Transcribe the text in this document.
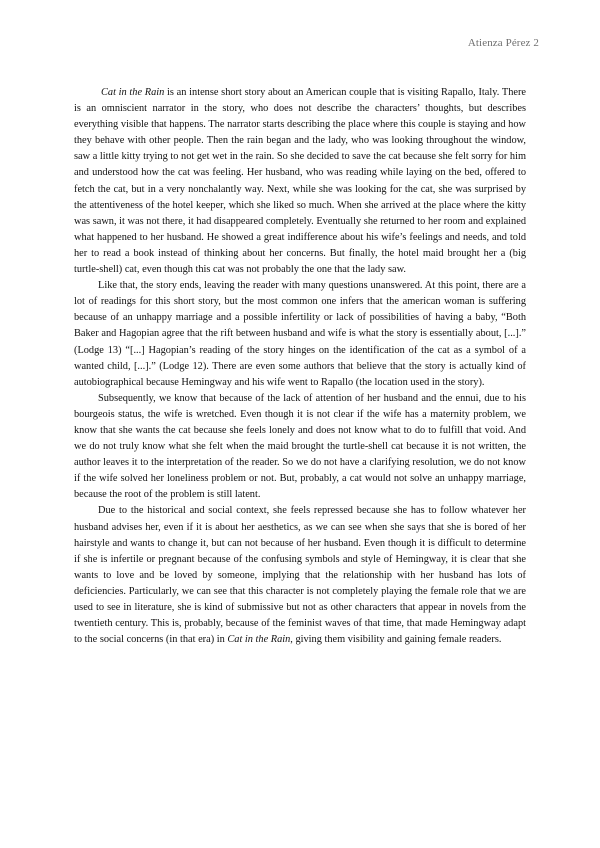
Atienza Pérez 2

Cat in the Rain is an intense short story about an American couple that is visiting Rapallo, Italy. There is an omniscient narrator in the story, who does not describe the characters’ thoughts, but describes everything visible that happens. The narrator starts describing the place where this couple is staying and how they behave with other people. Then the rain began and the lady, who was looking throughout the window, saw a little kitty trying to not get wet in the rain. So she decided to save the cat because she felt sorry for him and understood how the cat was feeling. Her husband, who was reading while laying on the bed, offered to fetch the cat, but in a very nonchalantly way. Next, while she was looking for the cat, she was surprised by the attentiveness of the hotel keeper, which she liked so much. When she arrived at the place where the kitty was sawn, it was not there, it had disappeared completely. Eventually she returned to her room and explained what happened to her husband. He showed a great indifference about his wife’s feelings and needs, and told her to read a book instead of thinking about her concerns. But finally, the hotel maid brought her a (big turtle-shell) cat, even though this cat was not probably the one that the lady saw.

Like that, the story ends, leaving the reader with many questions unanswered. At this point, there are a lot of readings for this short story, but the most common one infers that the american woman is suffering because of an unhappy marriage and a possible infertility or lack of possibilities of having a baby, “Both Baker and Hagopian agree that the rift between husband and wife is what the story is essentially about, [...].” (Lodge 13) “[...] Hagopian’s reading of the story hinges on the identification of the cat as a symbol of a wanted child, [...].” (Lodge 12). There are even some authors that believe that the story is actually kind of autobiographical because Hemingway and his wife went to Rapallo (the location used in the story).

Subsequently, we know that because of the lack of attention of her husband and the ennui, due to his bourgeois status, the wife is wretched. Even though it is not clear if the wife has a maternity problem, we know that she wants the cat because she feels lonely and does not know what to do to fulfill that void. And we do not truly know what she felt when the maid brought the turtle-shell cat because it is not written, the author leaves it to the interpretation of the reader. So we do not have a clarifying resolution, we do not know if the wife solved her loneliness problem or not. But, probably, a cat would not solve an unhappy marriage, because the root of the problem is still latent.

Due to the historical and social context, she feels repressed because she has to follow whatever her husband advises her, even if it is about her aesthetics, as we can see when she says that she is bored of her hairstyle and wants to change it, but can not because of her husband. Even though it is difficult to determine if she is infertile or pregnant because of the confusing symbols and style of Hemingway, it is clear that she wants to love and be loved by someone, implying that the relationship with her husband has lots of deficiencies. Particularly, we can see that this character is not completely playing the female role that we are used to see in literature, she is kind of submissive but not as other characters that appear in novels from the twentieth century. This is, probably, because of the feminist waves of that time, that made Hemingway adapt to the social concerns (in that era) in Cat in the Rain, giving them visibility and gaining female readers.
